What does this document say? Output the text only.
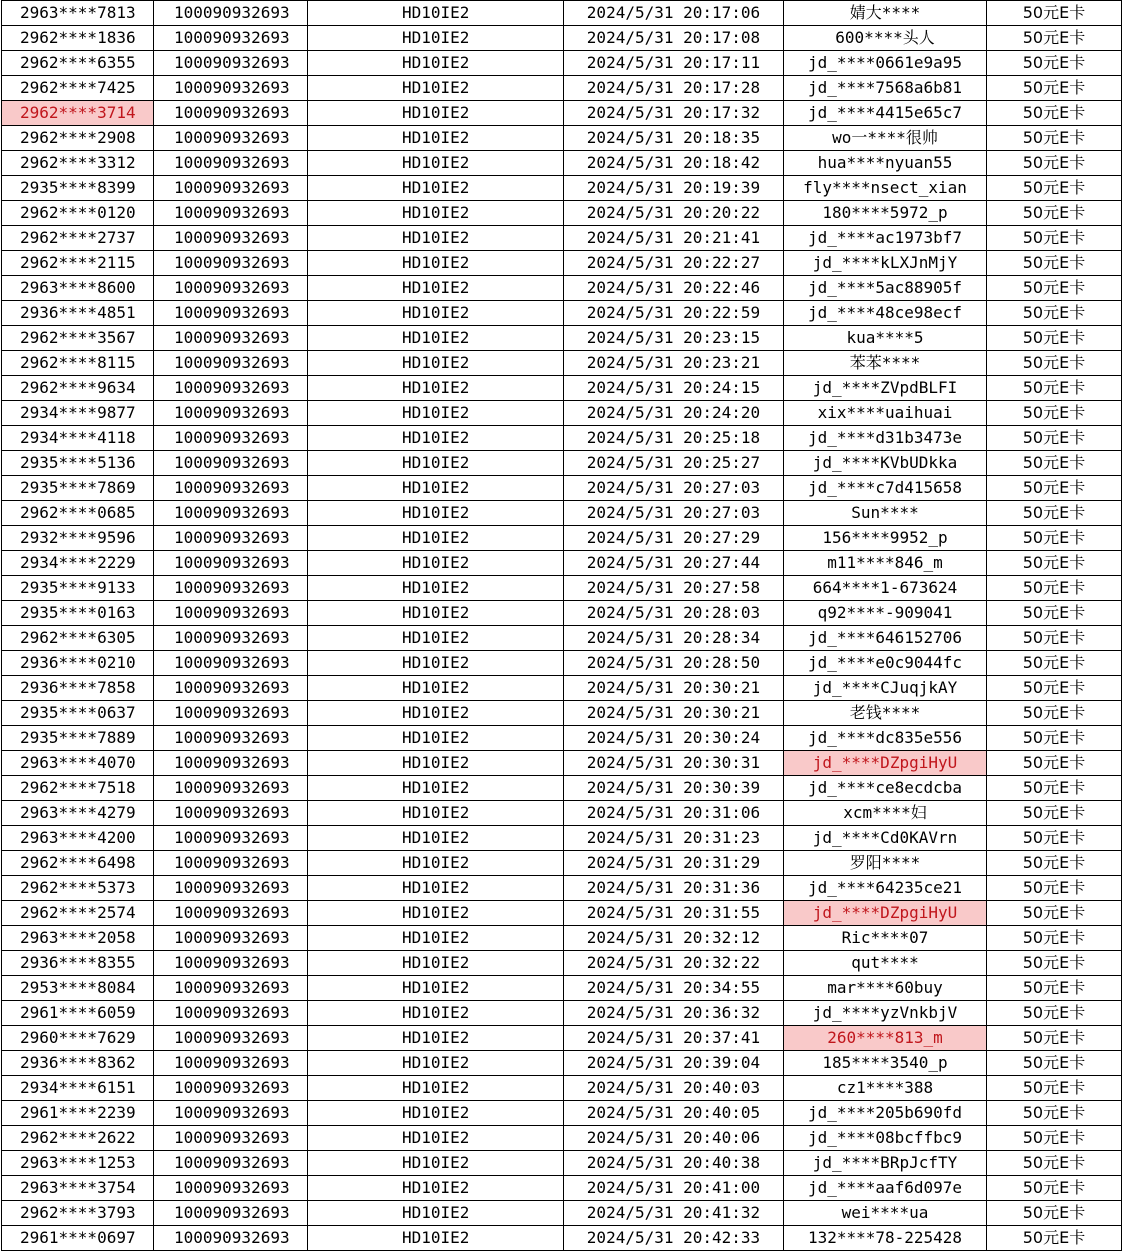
2963****7813	100090932693	HD10IE2	2024/5/31 20:17:06	婧大****	50元E卡
2962****1836	100090932693	HD10IE2	2024/5/31 20:17:08	600****头人	50元E卡
2962****6355	100090932693	HD10IE2	2024/5/31 20:17:11	jd_****0661e9a95	50元E卡
2962****7425	100090932693	HD10IE2	2024/5/31 20:17:28	jd_****7568a6b81	50元E卡
2962****3714	100090932693	HD10IE2	2024/5/31 20:17:32	jd_****4415e65c7	50元E卡
2962****2908	100090932693	HD10IE2	2024/5/31 20:18:35	wo一****很帅	50元E卡
2962****3312	100090932693	HD10IE2	2024/5/31 20:18:42	hua****nyuan55	50元E卡
2935****8399	100090932693	HD10IE2	2024/5/31 20:19:39	fly****nsect_xian	50元E卡
2962****0120	100090932693	HD10IE2	2024/5/31 20:20:22	180****5972_p	50元E卡
2962****2737	100090932693	HD10IE2	2024/5/31 20:21:41	jd_****ac1973bf7	50元E卡
2962****2115	100090932693	HD10IE2	2024/5/31 20:22:27	jd_****kLXJnMjY	50元E卡
2963****8600	100090932693	HD10IE2	2024/5/31 20:22:46	jd_****5ac88905f	50元E卡
2936****4851	100090932693	HD10IE2	2024/5/31 20:22:59	jd_****48ce98ecf	50元E卡
2962****3567	100090932693	HD10IE2	2024/5/31 20:23:15	kua****5	50元E卡
2962****8115	100090932693	HD10IE2	2024/5/31 20:23:21	苯苯****	50元E卡
2962****9634	100090932693	HD10IE2	2024/5/31 20:24:15	jd_****ZVpdBLFI	50元E卡
2934****9877	100090932693	HD10IE2	2024/5/31 20:24:20	xix****uaihuai	50元E卡
2934****4118	100090932693	HD10IE2	2024/5/31 20:25:18	jd_****d31b3473e	50元E卡
2935****5136	100090932693	HD10IE2	2024/5/31 20:25:27	jd_****KVbUDkka	50元E卡
2935****7869	100090932693	HD10IE2	2024/5/31 20:27:03	jd_****c7d415658	50元E卡
2962****0685	100090932693	HD10IE2	2024/5/31 20:27:03	Sun****	50元E卡
2932****9596	100090932693	HD10IE2	2024/5/31 20:27:29	156****9952_p	50元E卡
2934****2229	100090932693	HD10IE2	2024/5/31 20:27:44	m11****846_m	50元E卡
2935****9133	100090932693	HD10IE2	2024/5/31 20:27:58	664****1-673624	50元E卡
2935****0163	100090932693	HD10IE2	2024/5/31 20:28:03	q92****-909041	50元E卡
2962****6305	100090932693	HD10IE2	2024/5/31 20:28:34	jd_****646152706	50元E卡
2936****0210	100090932693	HD10IE2	2024/5/31 20:28:50	jd_****e0c9044fc	50元E卡
2936****7858	100090932693	HD10IE2	2024/5/31 20:30:21	jd_****CJuqjkAY	50元E卡
2935****0637	100090932693	HD10IE2	2024/5/31 20:30:21	老钱****	50元E卡
2935****7889	100090932693	HD10IE2	2024/5/31 20:30:24	jd_****dc835e556	50元E卡
2963****4070	100090932693	HD10IE2	2024/5/31 20:30:31	jd_****DZpgiHyU	50元E卡
2962****7518	100090932693	HD10IE2	2024/5/31 20:30:39	jd_****ce8ecdcba	50元E卡
2963****4279	100090932693	HD10IE2	2024/5/31 20:31:06	xcm****妇	50元E卡
2963****4200	100090932693	HD10IE2	2024/5/31 20:31:23	jd_****Cd0KAVrn	50元E卡
2962****6498	100090932693	HD10IE2	2024/5/31 20:31:29	罗阳****	50元E卡
2962****5373	100090932693	HD10IE2	2024/5/31 20:31:36	jd_****64235ce21	50元E卡
2962****2574	100090932693	HD10IE2	2024/5/31 20:31:55	jd_****DZpgiHyU	50元E卡
2963****2058	100090932693	HD10IE2	2024/5/31 20:32:12	Ric****07	50元E卡
2936****8355	100090932693	HD10IE2	2024/5/31 20:32:22	qut****	50元E卡
2953****8084	100090932693	HD10IE2	2024/5/31 20:34:55	mar****60buy	50元E卡
2961****6059	100090932693	HD10IE2	2024/5/31 20:36:32	jd_****yzVnkbjV	50元E卡
2960****7629	100090932693	HD10IE2	2024/5/31 20:37:41	260****813_m	50元E卡
2936****8362	100090932693	HD10IE2	2024/5/31 20:39:04	185****3540_p	50元E卡
2934****6151	100090932693	HD10IE2	2024/5/31 20:40:03	cz1****388	50元E卡
2961****2239	100090932693	HD10IE2	2024/5/31 20:40:05	jd_****205b690fd	50元E卡
2962****2622	100090932693	HD10IE2	2024/5/31 20:40:06	jd_****08bcffbc9	50元E卡
2963****1253	100090932693	HD10IE2	2024/5/31 20:40:38	jd_****BRpJcfTY	50元E卡
2963****3754	100090932693	HD10IE2	2024/5/31 20:41:00	jd_****aaf6d097e	50元E卡
2962****3793	100090932693	HD10IE2	2024/5/31 20:41:32	wei****ua	50元E卡
2961****0697	100090932693	HD10IE2	2024/5/31 20:42:33	132****78-225428	50元E卡
